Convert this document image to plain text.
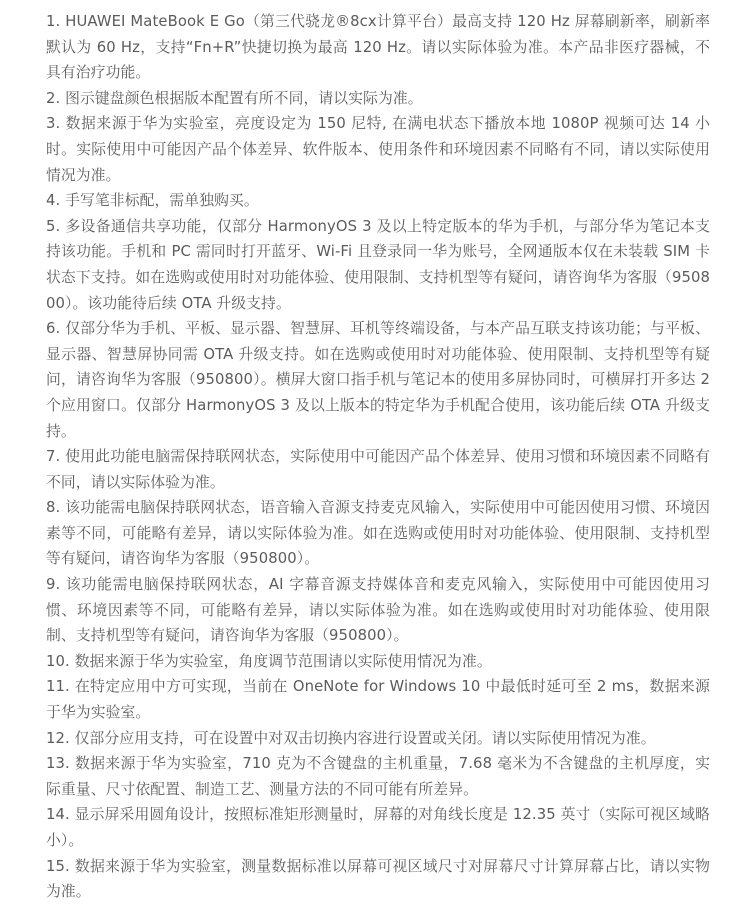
1. HUAWEI MateBook E Go（第三代骁龙®8cx计算平台）最高支持 120 Hz 屏幕刷新率，刷新率默认为 60 Hz，支持“Fn+R”快捷切换为最高 120 Hz。请以实际体验为准。本产品非医疗器械，不具有治疗功能。

2. 图示键盘颜色根据版本配置有所不同，请以实际为准。

3. 数据来源于华为实验室，亮度设定为 150 尼特, 在满电状态下播放本地 1080P 视频可达 14 小时。实际使用中可能因产品个体差异、软件版本、使用条件和环境因素不同略有不同，请以实际使用情况为准。

4. 手写笔非标配，需单独购买。

5. 多设备通信共享功能，仅部分 HarmonyOS 3 及以上特定版本的华为手机，与部分华为笔记本支持该功能。手机和 PC 需同时打开蓝牙、Wi-Fi 且登录同一华为账号，全网通版本仅在未装载 SIM 卡状态下支持。如在选购或使用时对功能体验、使用限制、支持机型等有疑问，请咨询华为客服（950800）。该功能待后续 OTA 升级支持。

6. 仅部分华为手机、平板、显示器、智慧屏、耳机等终端设备，与本产品互联支持该功能；与平板、显示器、智慧屏协同需 OTA 升级支持。如在选购或使用时对功能体验、使用限制、支持机型等有疑问，请咨询华为客服（950800）。横屏大窗口指手机与笔记本的使用多屏协同时，可横屏打开多达 2 个应用窗口。仅部分 HarmonyOS 3 及以上版本的特定华为手机配合使用，该功能后续 OTA 升级支持。

7. 使用此功能电脑需保持联网状态，实际使用中可能因产品个体差异、使用习惯和环境因素不同略有不同，请以实际体验为准。

8. 该功能需电脑保持联网状态，语音输入音源支持麦克风输入，实际使用中可能因使用习惯、环境因素等不同，可能略有差异，请以实际体验为准。如在选购或使用时对功能体验、使用限制、支持机型等有疑问，请咨询华为客服（950800）。

9. 该功能需电脑保持联网状态，AI 字幕音源支持媒体音和麦克风输入，实际使用中可能因使用习惯、环境因素等不同，可能略有差异，请以实际体验为准。如在选购或使用时对功能体验、使用限制、支持机型等有疑问，请咨询华为客服（950800）。

10. 数据来源于华为实验室，角度调节范围请以实际使用情况为准。

11. 在特定应用中方可实现，当前在 OneNote for Windows 10 中最低时延可至 2 ms，数据来源于华为实验室。

12. 仅部分应用支持，可在设置中对双击切换内容进行设置或关闭。请以实际使用情况为准。

13. 数据来源于华为实验室，710 克为不含键盘的主机重量，7.68 毫米为不含键盘的主机厚度，实际重量、尺寸依配置、制造工艺、测量方法的不同可能有所差异。

14. 显示屏采用圆角设计，按照标准矩形测量时，屏幕的对角线长度是 12.35 英寸（实际可视区域略小）。

15. 数据来源于华为实验室，测量数据标准以屏幕可视区域尺寸对屏幕尺寸计算屏幕占比，请以实物为准。
